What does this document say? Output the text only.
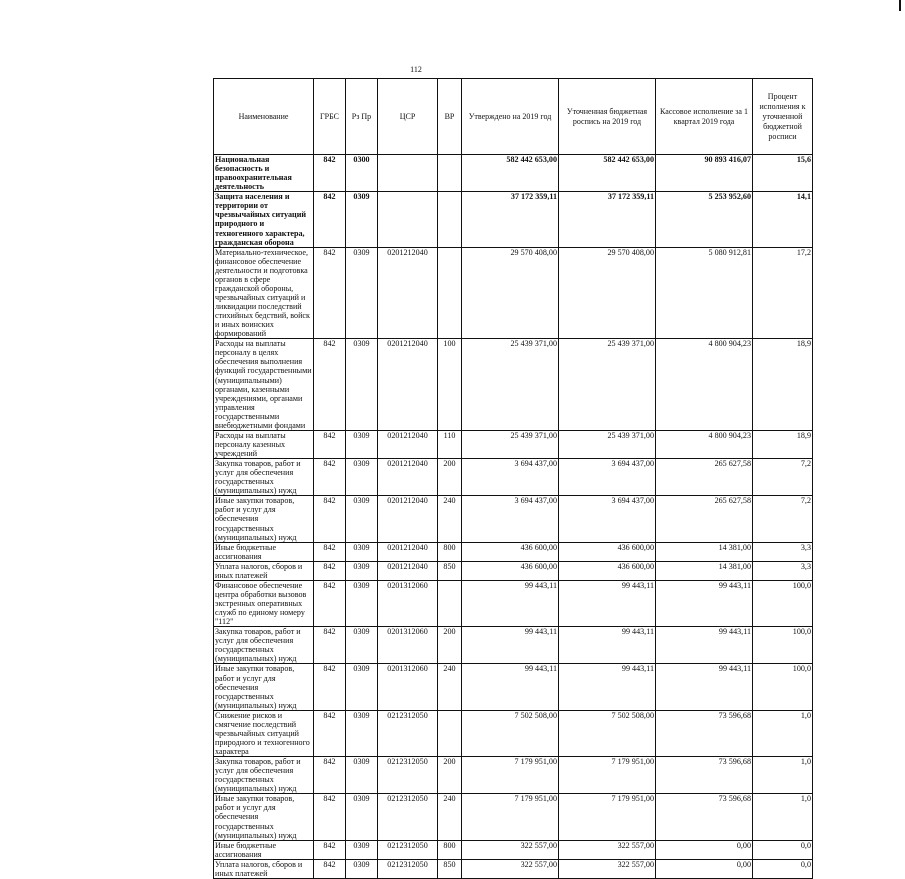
112
Наименование	ГРБС	Рз Пр	ЦСР	ВР	Утверждено на 2019 год	Уточненная бюджетная роспись на 2019 год	Кассовое исполнение за 1 квартал 2019 года	Процент исполнения к уточненной бюджетной росписи
Национальная безопасность и правоохранительная деятельность	842	0300			582 442 653,00	582 442 653,00	90 893 416,07	15,6
Защита населения и территории от чрезвычайных ситуаций природного и техногенного характера, гражданская оборона	842	0309			37 172 359,11	37 172 359,11	5 253 952,60	14,1
Материально-техническое, финансовое обеспечение деятельности и подготовка органов в сфере гражданской обороны, чрезвычайных ситуаций и ликвидации последствий стихийных бедствий, войск и иных воинских формирований	842	0309	0201212040		29 570 408,00	29 570 408,00	5 080 912,81	17,2
Расходы на выплаты персоналу в целях обеспечения выполнения функций государственными (муниципальными) органами, казенными учреждениями, органами управления государственными внебюджетными фондами	842	0309	0201212040	100	25 439 371,00	25 439 371,00	4 800 904,23	18,9
Расходы на выплаты персоналу казенных учреждений	842	0309	0201212040	110	25 439 371,00	25 439 371,00	4 800 904,23	18,9
Закупка товаров, работ и услуг для обеспечения государственных (муниципальных) нужд	842	0309	0201212040	200	3 694 437,00	3 694 437,00	265 627,58	7,2
Иные закупки товаров, работ и услуг для обеспечения государственных (муниципальных) нужд	842	0309	0201212040	240	3 694 437,00	3 694 437,00	265 627,58	7,2
Иные бюджетные ассигнования	842	0309	0201212040	800	436 600,00	436 600,00	14 381,00	3,3
Уплата налогов, сборов и иных платежей	842	0309	0201212040	850	436 600,00	436 600,00	14 381,00	3,3
Финансовое обеспечение центра обработки вызовов экстренных оперативных служб по единому номеру "112"	842	0309	0201312060		99 443,11	99 443,11	99 443,11	100,0
Закупка товаров, работ и услуг для обеспечения государственных (муниципальных) нужд	842	0309	0201312060	200	99 443,11	99 443,11	99 443,11	100,0
Иные закупки товаров, работ и услуг для обеспечения государственных (муниципальных) нужд	842	0309	0201312060	240	99 443,11	99 443,11	99 443,11	100,0
Снижение рисков и смягчение последствий чрезвычайных ситуаций природного и техногенного характера	842	0309	0212312050		7 502 508,00	7 502 508,00	73 596,68	1,0
Закупка товаров, работ и услуг для обеспечения государственных (муниципальных) нужд	842	0309	0212312050	200	7 179 951,00	7 179 951,00	73 596,68	1,0
Иные закупки товаров, работ и услуг для обеспечения государственных (муниципальных) нужд	842	0309	0212312050	240	7 179 951,00	7 179 951,00	73 596,68	1,0
Иные бюджетные ассигнования	842	0309	0212312050	800	322 557,00	322 557,00	0,00	0,0
Уплата налогов, сборов и иных платежей	842	0309	0212312050	850	322 557,00	322 557,00	0,00	0,0
